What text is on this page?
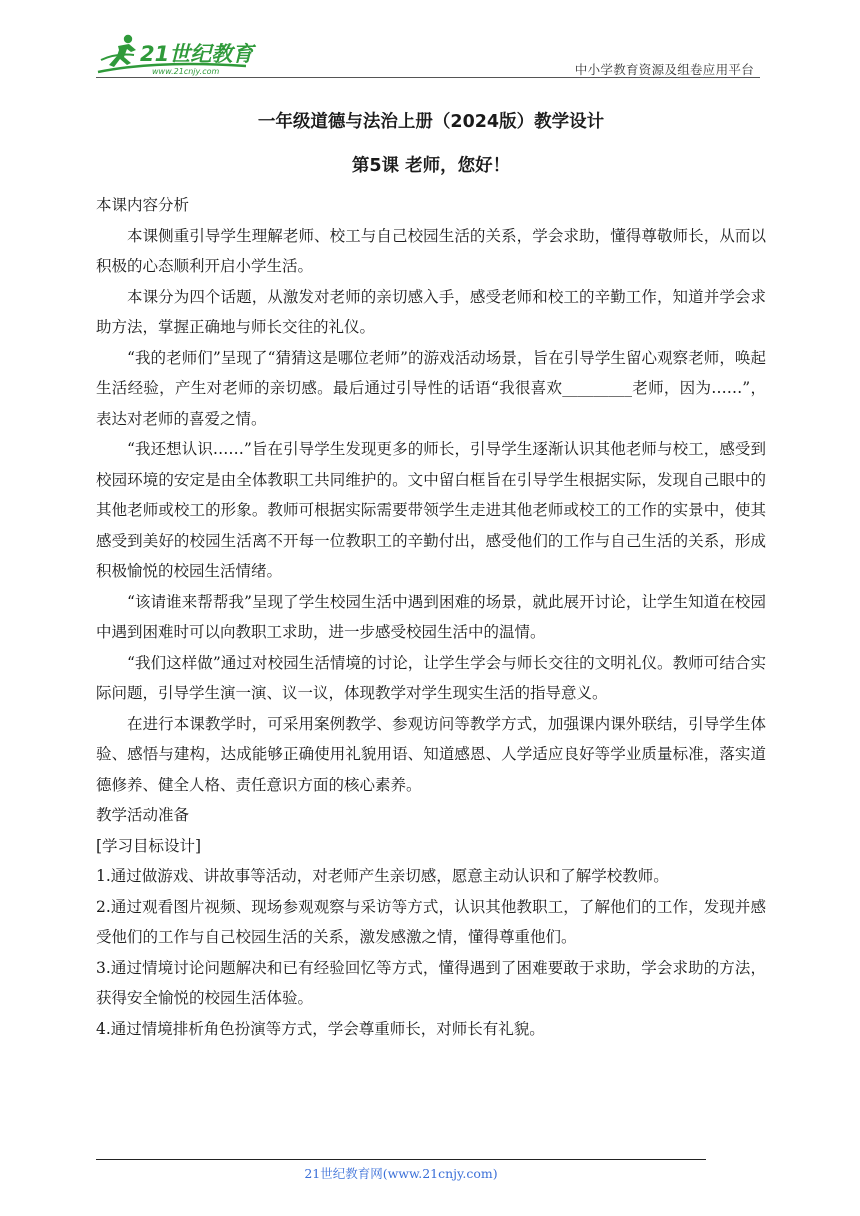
21世纪教育
www.21cnjy.com	中小学教育资源及组卷应用平台
一年级道德与法治上册（2024版）教学设计
第5课 老师，您好！

本课内容分析

本课侧重引导学生理解老师、校工与自己校园生活的关系，学会求助，懂得尊敬师长，从而以积极的心态顺利开启小学生活。

本课分为四个话题，从激发对老师的亲切感入手，感受老师和校工的辛勤工作，知道并学会求助方法，掌握正确地与师长交往的礼仪。

“我的老师们”呈现了“猜猜这是哪位老师”的游戏活动场景，旨在引导学生留心观察老师，唤起生活经验，产生对老师的亲切感。最后通过引导性的话语“我很喜欢_________老师，因为……”，表达对老师的喜爱之情。

“我还想认识……”旨在引导学生发现更多的师长，引导学生逐渐认识其他老师与校工，感受到校园环境的安定是由全体教职工共同维护的。文中留白框旨在引导学生根据实际，发现自己眼中的其他老师或校工的形象。教师可根据实际需要带领学生走进其他老师或校工的工作的实景中，使其感受到美好的校园生活离不开每一位教职工的辛勤付出，感受他们的工作与自己生活的关系，形成积极愉悦的校园生活情绪。

“该请谁来帮帮我”呈现了学生校园生活中遇到困难的场景，就此展开讨论，让学生知道在校园中遇到困难时可以向教职工求助，进一步感受校园生活中的温情。

“我们这样做”通过对校园生活情境的讨论，让学生学会与师长交往的文明礼仪。教师可结合实际问题，引导学生演一演、议一议，体现教学对学生现实生活的指导意义。

在进行本课教学时，可采用案例教学、参观访问等教学方式，加强课内课外联结，引导学生体验、感悟与建构，达成能够正确使用礼貌用语、知道感恩、人学适应良好等学业质量标准，落实道德修养、健全人格、责任意识方面的核心素养。

教学活动准备

[学习目标设计]

1.通过做游戏、讲故事等活动，对老师产生亲切感，愿意主动认识和了解学校教师。

2.通过观看图片视频、现场参观观察与采访等方式，认识其他教职工，了解他们的工作，发现并感受他们的工作与自己校园生活的关系，激发感激之情，懂得尊重他们。

3.通过情境讨论问题解决和已有经验回忆等方式，懂得遇到了困难要敢于求助，学会求助的方法，获得安全愉悦的校园生活体验。

4.通过情境排析角色扮演等方式，学会尊重师长，对师长有礼貌。

21世纪教育网(www.21cnjy.com)
